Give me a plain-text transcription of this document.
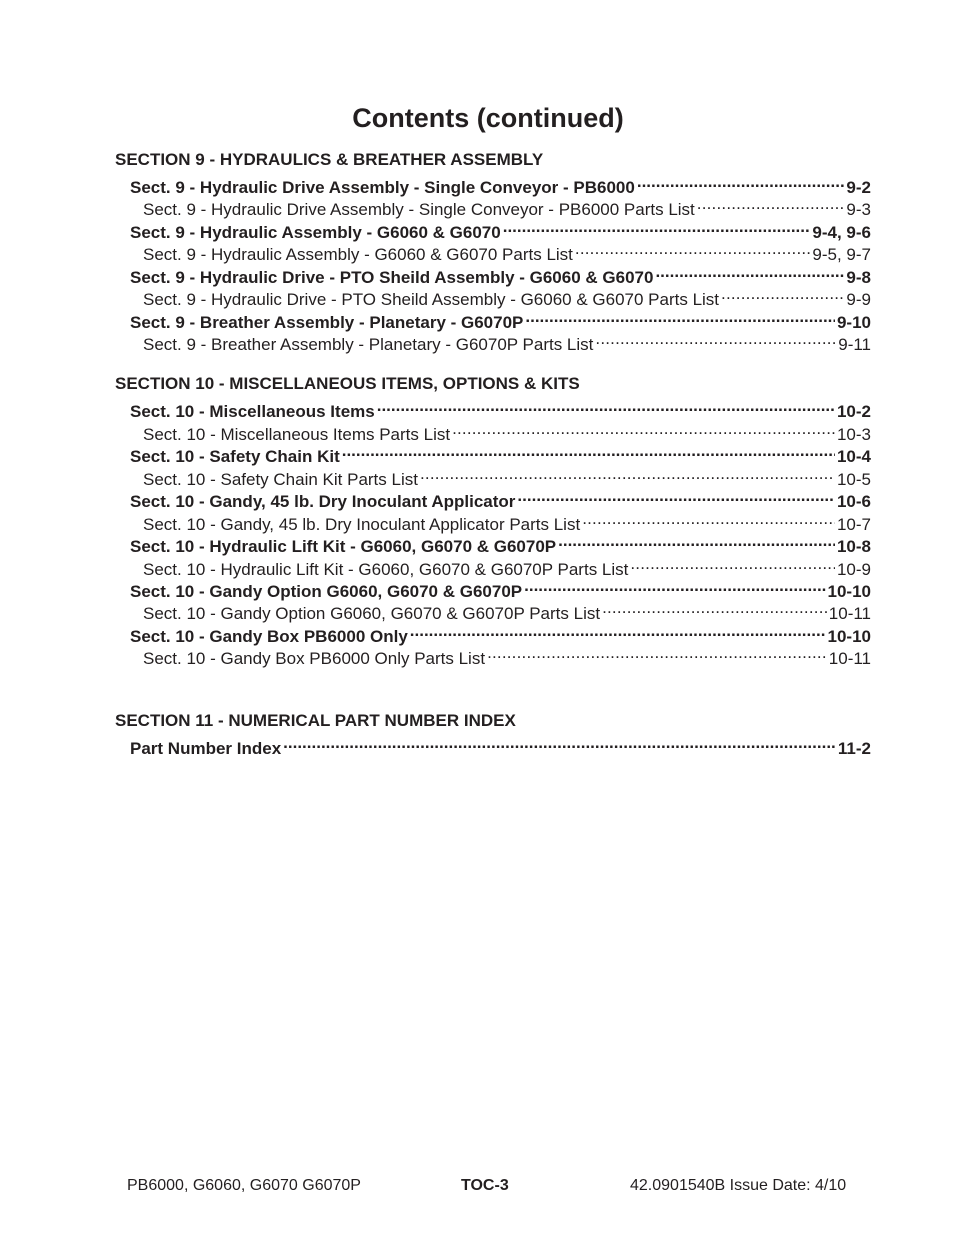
Contents (continued)
SECTION 9 - HYDRAULICS & BREATHER ASSEMBLY
Sect. 9 - Hydraulic Drive Assembly - Single Conveyor - PB6000 .....	9-2
Sect. 9 - Hydraulic Drive Assembly - Single Conveyor - PB6000 Parts List .....	9-3
Sect. 9 - Hydraulic Assembly - G6060 & G6070 .....	9-4, 9-6
Sect. 9 - Hydraulic Assembly - G6060 & G6070 Parts List .....	9-5, 9-7
Sect. 9 - Hydraulic Drive - PTO Sheild Assembly - G6060 & G6070 .....	9-8
Sect. 9 - Hydraulic Drive - PTO Sheild Assembly - G6060 & G6070 Parts List .....	9-9
Sect. 9 - Breather Assembly - Planetary - G6070P .....	9-10
Sect. 9 - Breather Assembly - Planetary - G6070P Parts List .....	9-11
SECTION 10 - MISCELLANEOUS ITEMS, OPTIONS & KITS
Sect. 10 - Miscellaneous Items .....	10-2
Sect. 10 - Miscellaneous Items Parts List .....	10-3
Sect. 10 - Safety Chain Kit .....	10-4
Sect. 10 - Safety Chain Kit Parts List .....	10-5
Sect. 10 - Gandy, 45 lb. Dry Inoculant Applicator .....	10-6
Sect. 10 - Gandy, 45 lb. Dry Inoculant Applicator Parts List .....	10-7
Sect. 10 - Hydraulic Lift Kit - G6060, G6070 & G6070P .....	10-8
Sect. 10 - Hydraulic Lift Kit - G6060, G6070 & G6070P Parts List .....	10-9
Sect. 10 - Gandy Option G6060, G6070 & G6070P .....	10-10
Sect. 10 - Gandy Option G6060, G6070 & G6070P Parts List .....	10-11
Sect. 10 - Gandy Box PB6000 Only .....	10-10
Sect. 10 - Gandy Box PB6000 Only Parts List .....	10-11
SECTION 11 - NUMERICAL PART NUMBER INDEX
Part Number Index .....	11-2
PB6000, G6060, G6070 G6070P	TOC-3	42.0901540B Issue Date: 4/10
